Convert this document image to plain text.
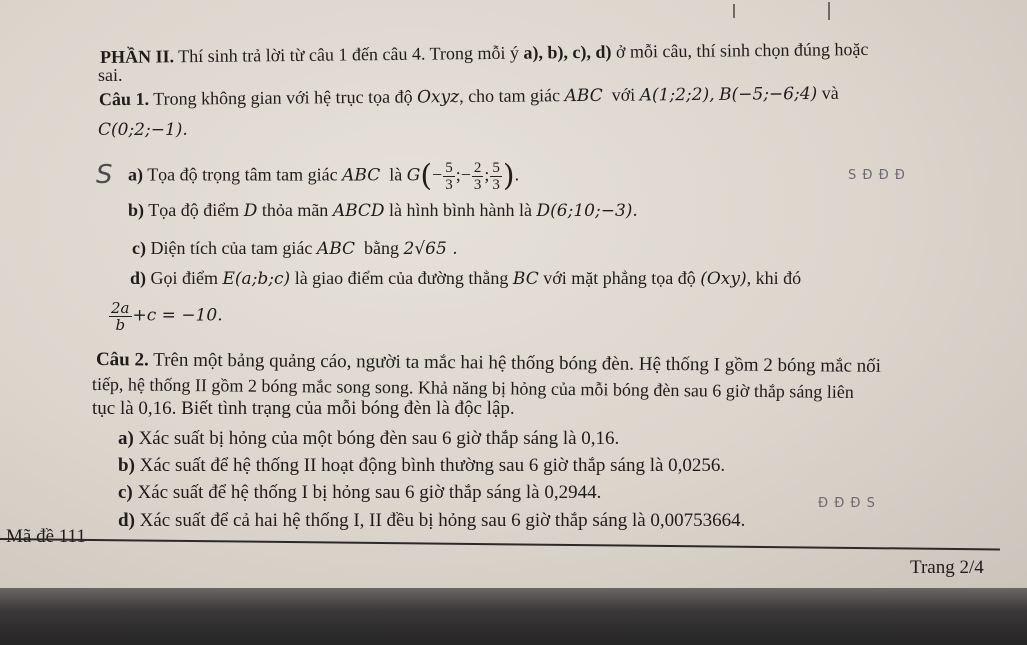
PHẦN II. Thí sinh trả lời từ câu 1 đến câu 4. Trong mỗi ý a), b), c), d) ở mỗi câu, thí sinh chọn đúng hoặc
sai.
Câu 1. Trong không gian với hệ trục tọa độ Oxyz, cho tam giác ABC với A(1;2;2), B(−5;−6;4) và
C(0;2;−1).
S a) Tọa độ trọng tâm tam giác ABC là $G(- \frac{5}{3}$ ;− $\frac{2}{3}$ ; $\frac{5}{3}$ ).	S Đ Đ Đ
b) Tọa độ điểm D thỏa mãn ABCD là hình bình hành là D(6;10;−3).
c) Diện tích của tam giác ABC bằng 2√65 .
d) Gọi điểm E(a;b;c) là giao điểm của đường thẳng BC với mặt phẳng tọa độ (Oxy), khi đó
$\frac{2a}{b} +c = -10$.
Câu 2. Trên một bảng quảng cáo, người ta mắc hai hệ thống bóng đèn. Hệ thống I gồm 2 bóng mắc nối
tiếp, hệ thống II gồm 2 bóng mắc song song. Khả năng bị hỏng của mỗi bóng đèn sau 6 giờ thắp sáng liên
tục là 0,16. Biết tình trạng của mỗi bóng đèn là độc lập.
a) Xác suất bị hỏng của một bóng đèn sau 6 giờ thắp sáng là 0,16.
b) Xác suất để hệ thống II hoạt động bình thường sau 6 giờ thắp sáng là 0,0256.
c) Xác suất để hệ thống I bị hỏng sau 6 giờ thắp sáng là 0,2944.
Đ Đ Đ S
d) Xác suất để cả hai hệ thống I, II đều bị hỏng sau 6 giờ thắp sáng là 0,00753664.
Mã đề 111
Trang 2/4
